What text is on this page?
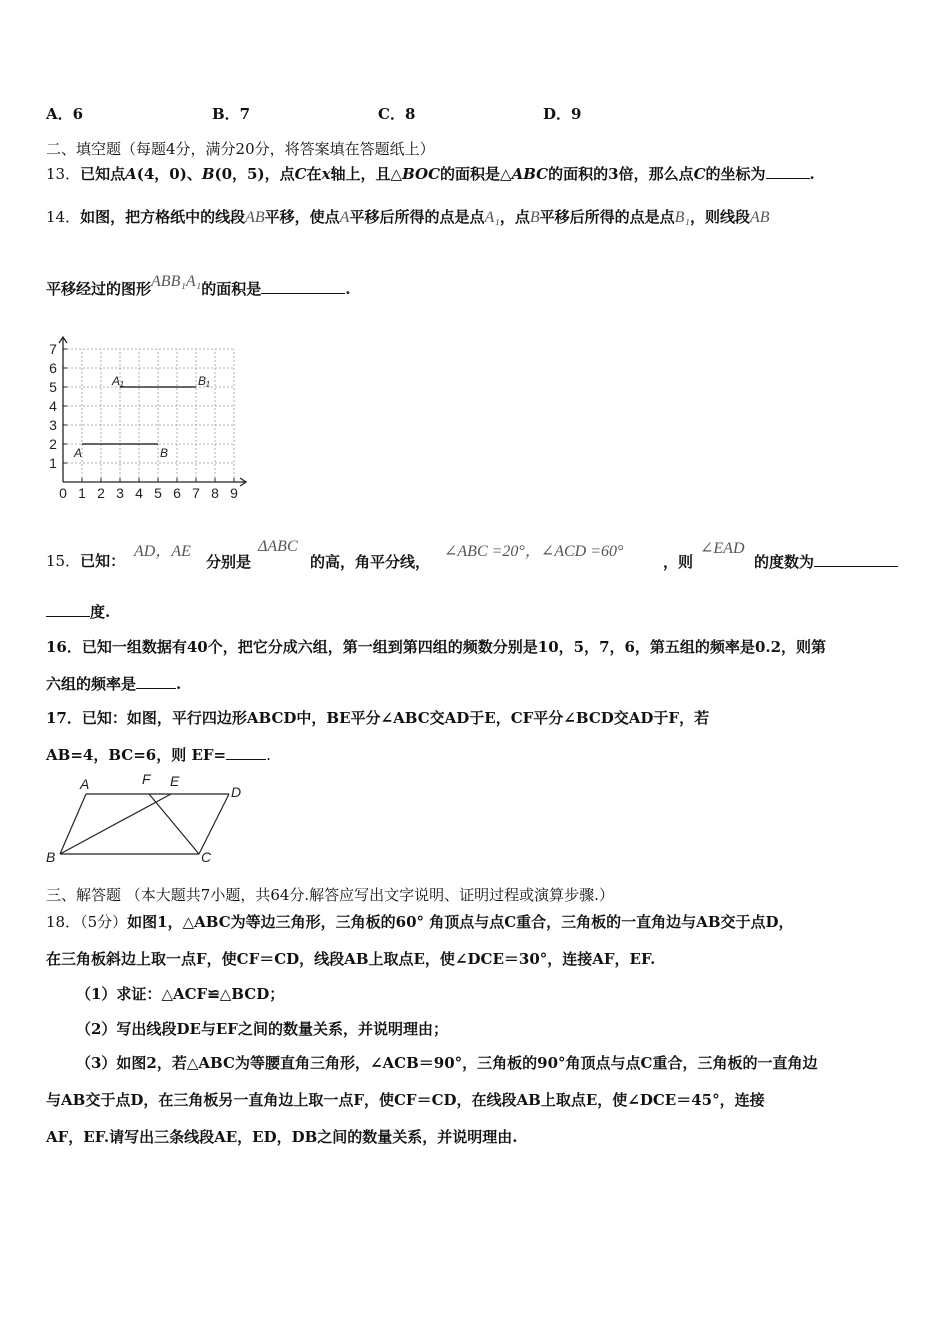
A．6	B．7	C．8	D．9
二、填空题（每题4分，满分20分，将答案填在答题纸上）
13．已知点A(4，0)、B(0，5)，点C在x轴上，且△BOC的面积是△ABC的面积的3倍，那么点C的坐标为	.
14．如图，把方格纸中的线段AB平移，使点A平移后所得的点是点A₁，点B平移后所得的点是点B₁，则线段AB
平移经过的图形ABB₁A₁的面积是	.
0 1 2 3 4 5 6 7 8 9
1
2
3
4
5
6
7
A	B
A₁	B₁
15．已知：
AD，AE
分别是
ΔABC
的高，角平分线，
∠ABC =20°，∠ACD =60°
，则
∠EAD
的度数为
度.
16．已知一组数据有40个，把它分成六组，第一组到第四组的频数分别是10，5，7，6，第五组的频率是0.2，则第
六组的频率是	.
17．已知：如图，平行四边形ABCD中，BE平分∠ABC交AD于E，CF平分∠BCD交AD于F，若
AB=4，BC=6，则 EF=	.
A
B	C
D
E
F
三、解答题 （本大题共7小题，共64分.解答应写出文字说明、证明过程或演算步骤.）
18．（5分）如图1，△ABC为等边三角形，三角板的60° 角顶点与点C重合，三角板的一直角边与AB交于点D，
在三角板斜边上取一点F，使CF＝CD，线段AB上取点E，使∠DCE＝30°，连接AF，EF.
（1）求证：△ACF≌△BCD；
（2）写出线段DE与EF之间的数量关系，并说明理由；
（3）如图2，若△ABC为等腰直角三角形，∠ACB＝90°，三角板的90°角顶点与点C重合，三角板的一直角边
与AB交于点D，在三角板另一直角边上取一点F，使CF＝CD，在线段AB上取点E，使∠DCE＝45°，连接
AF，EF.请写出三条线段AE，ED，DB之间的数量关系，并说明理由.
